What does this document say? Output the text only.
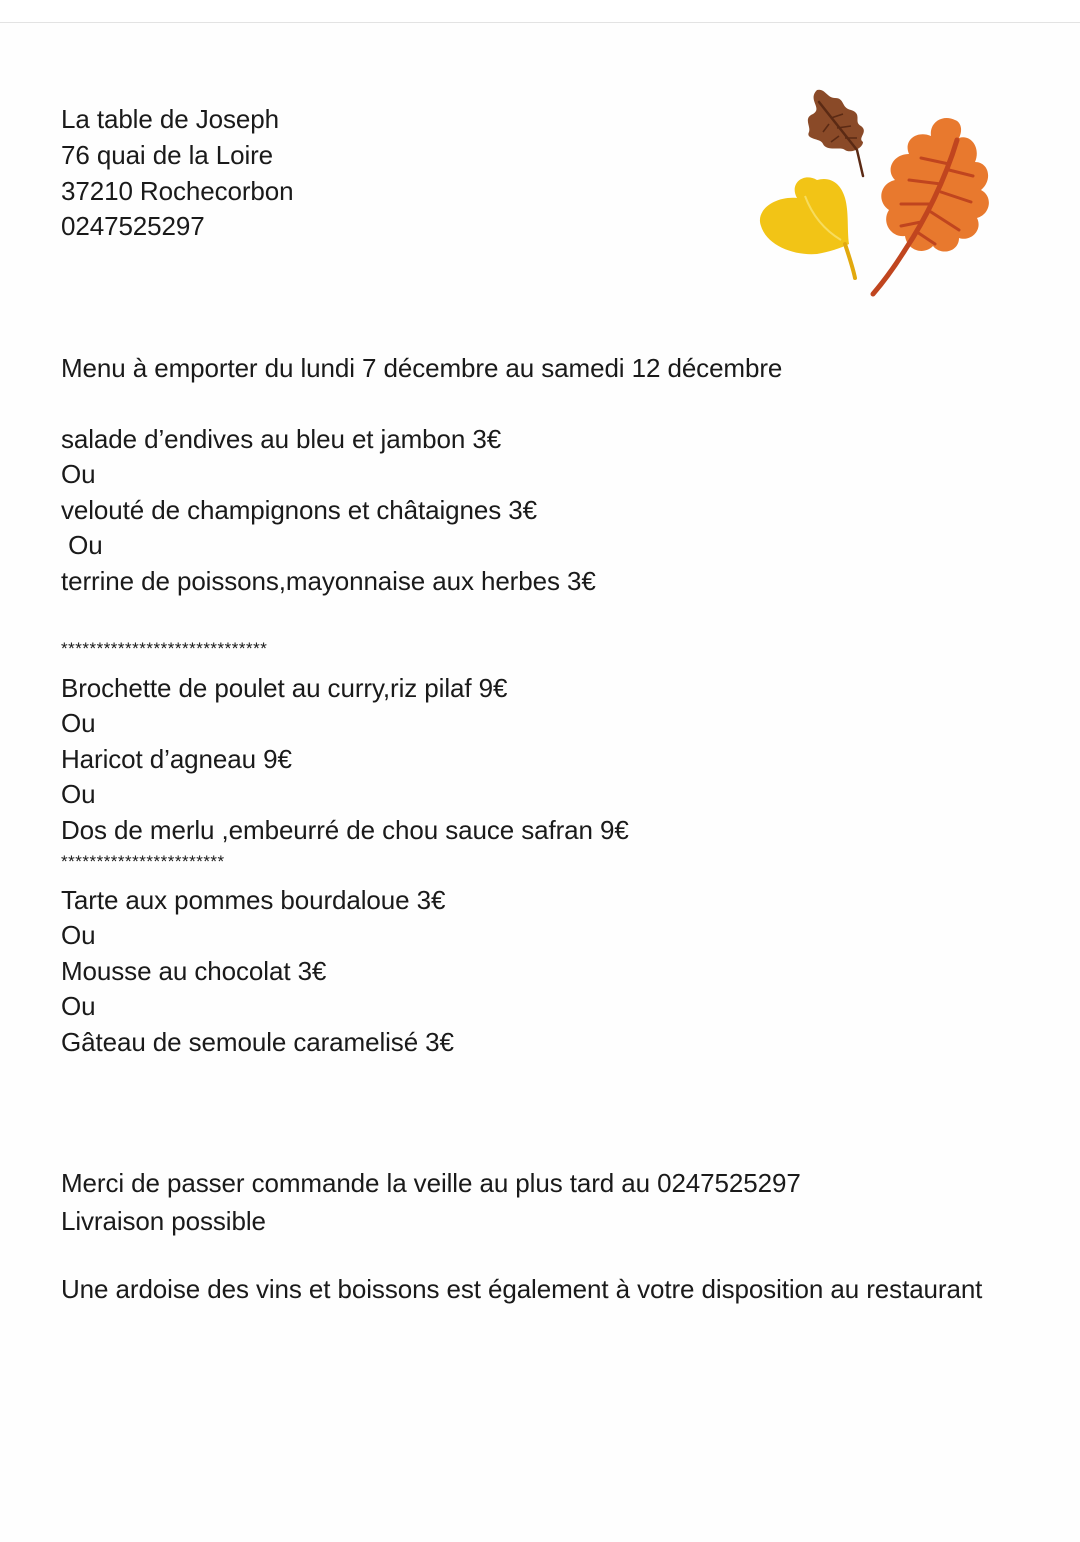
La table de Joseph
76 quai de la Loire
37210 Rochecorbon
0247525297
Menu à emporter du lundi 7 décembre au samedi 12 décembre
salade d’endives au bleu et jambon 3€
Ou
velouté de champignons et châtaignes 3€
Ou
terrine de poissons,mayonnaise aux herbes 3€
*****************************
Brochette de poulet au curry,riz pilaf 9€
Ou
Haricot d’agneau 9€
Ou
Dos de merlu ,embeurré de chou sauce safran 9€
***********************
Tarte aux pommes bourdaloue 3€
Ou
Mousse au chocolat 3€
Ou
Gâteau de semoule caramelisé 3€
Merci de passer commande la veille au plus tard au 0247525297
Livraison possible
Une ardoise des vins et boissons est également à votre disposition au restaurant
